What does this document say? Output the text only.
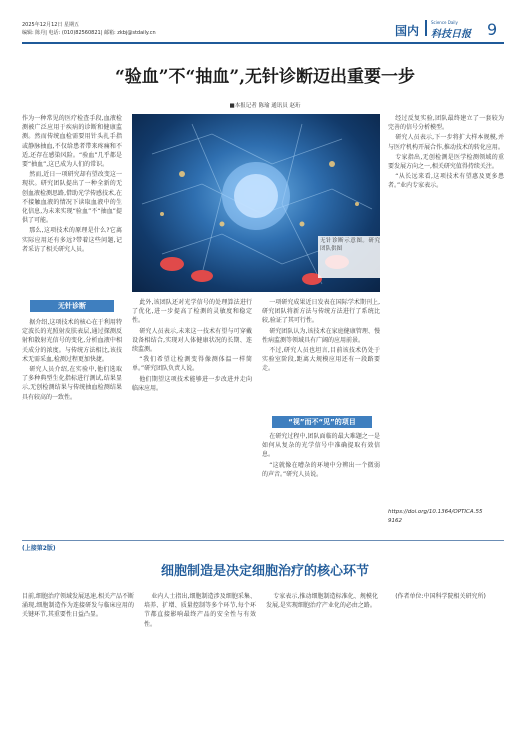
2025年12月12日 星期五
编辑: 陈丹| 电话: (010)82560821| 邮箱: zkbj@stdaily.cn	国内
Science Daily
科技日报 9
“验血”不“抽血”,无针诊断迈出重要一步
■本报记者 陈瑜 通讯员 赵珩

作为一种常见的医疗检查手段,血液检测被广泛应用于疾病的诊断和健康监测。然而传统血检需要用针头扎手指或静脉抽血,不仅给患者带来疼痛和不适,还存在感染风险。“验血”几乎都是要“抽血”,这已成为人们的常识。

然而,近日一项研究却有望改变这一现状。研究团队提出了一种全新的无创血液检测思路,借助光学传感技术,在不接触血液的情况下读取血液中的生化信息,为未来实现“验血”不“抽血”提供了可能。

那么,这项技术的原理是什么?它离实际应用还有多远?带着这些问题,记者采访了相关研究人员。

无针诊断

据介绍,这项技术的核心在于利用特定波长的光照射皮肤表层,通过探测反射和散射光信号的变化,分析血液中相关成分的浓度。与传统方法相比,该技术无需采血,检测过程更加快捷。

研究人员介绍,在实验中,他们选取了多种典型生化指标进行测试,结果显示,无创检测结果与传统抽血检测结果具有较高的一致性。

无针诊断示意图。研究团队供图

此外,该团队还对光学信号的处理算法进行了优化,进一步提高了检测的灵敏度和稳定性。

研究人员表示,未来这一技术有望与可穿戴设备相结合,实现对人体健康状况的长期、连续监测。

“我们希望让检测变得像测体温一样简单。”研究团队负责人说。

他们期望这项技术能够进一步改进并走向临床应用。

一项研究成果近日发表在国际学术期刊上,研究团队将新方法与传统方法进行了系统比较,验证了其可行性。

研究团队认为,该技术在家庭健康管理、慢性病监测等领域具有广阔的应用前景。

不过,研究人员也坦言,目前该技术仍处于实验室阶段,距离大规模应用还有一段路要走。

“视”而不“见”的项目

在研究过程中,团队面临的最大难题之一是如何从复杂的光学信号中准确提取有效信息。

“这就像在嘈杂的环境中分辨出一个微弱的声音。”研究人员说。

经过反复实验,团队最终建立了一套较为完善的信号分析模型。

研究人员表示,下一步将扩大样本规模,并与医疗机构开展合作,推动技术的转化应用。

专家指出,无创检测是医学检测领域的重要发展方向之一,相关研究值得持续关注。

“从长远来看,这项技术有望惠及更多患者。”业内专家表示。

https://doi.org/10.1364/OPTICA.55
9162
(上接第2版)
细胞制造是决定细胞治疗的核心环节

目前,细胞治疗领域发展迅速,相关产品不断涌现,细胞制造作为连接研发与临床应用的关键环节,其重要性日益凸显。

业内人士指出,细胞制造涉及细胞采集、培养、扩增、质量控制等多个环节,每个环节都直接影响最终产品的安全性与有效性。

专家表示,推动细胞制造标准化、规模化发展,是实现细胞治疗产业化的必由之路。

(作者单位:中国科学院相关研究所)
